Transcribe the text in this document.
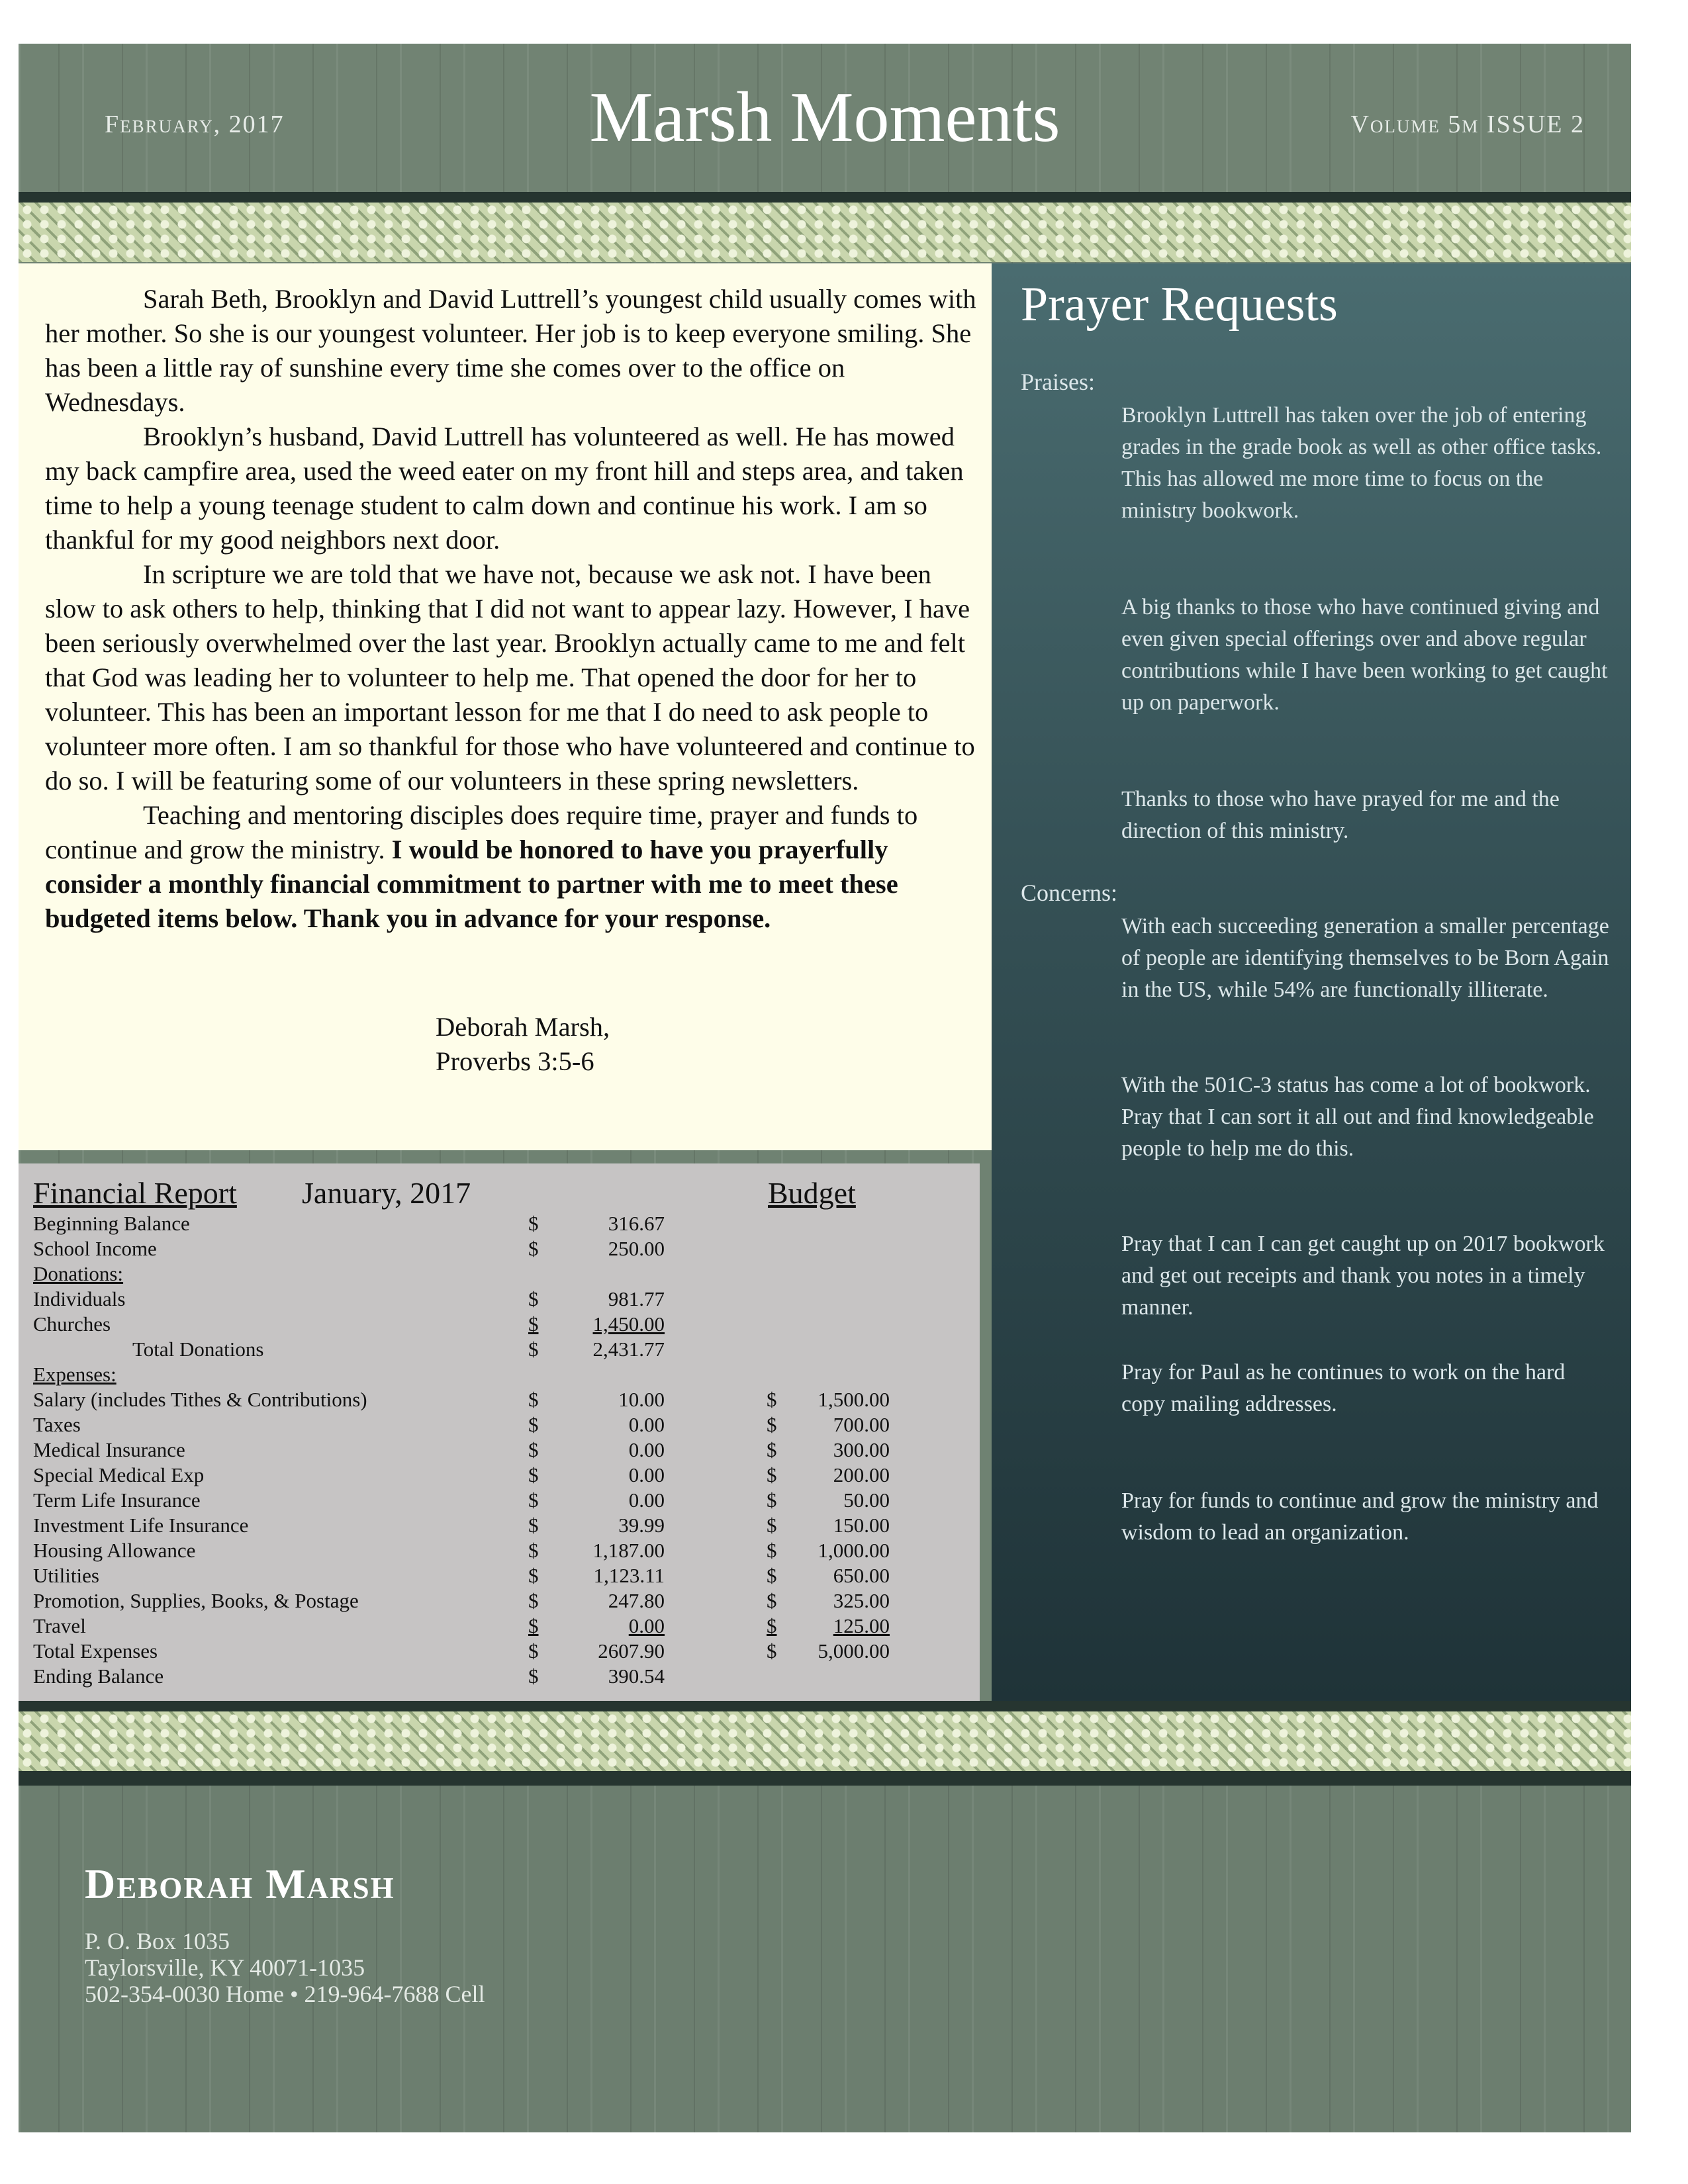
February, 2017	Marsh Moments	Volume 5m ISSUE 2

Sarah Beth, Brooklyn and David Luttrell’s youngest child usually comes with her mother. So she is our youngest volunteer. Her job is to keep everyone smiling. She has been a little ray of sunshine every time she comes over to the office on Wednesdays.

Brooklyn’s husband, David Luttrell has volunteered as well. He has mowed my back campfire area, used the weed eater on my front hill and steps area, and taken time to help a young teenage student to calm down and continue his work. I am so thankful for my good neighbors next door.

In scripture we are told that we have not, because we ask not. I have been slow to ask others to help, thinking that I did not want to appear lazy. However, I have been seriously overwhelmed over the last year. Brooklyn actually came to me and felt that God was leading her to volunteer to help me. That opened the door for her to volunteer. This has been an important lesson for me that I do need to ask people to volunteer more often. I am so thankful for those who have volunteered and continue to do so. I will be featuring some of our volunteers in these spring newsletters.

Teaching and mentoring disciples does require time, prayer and funds to continue and grow the ministry. I would be honored to have you prayerfully consider a monthly financial commitment to partner with me to meet these budgeted items below. Thank you in advance for your response.

Deborah Marsh,
Proverbs 3:5-6
Prayer Requests
Praises:
Brooklyn Luttrell has taken over the job of entering grades in the grade book as well as other office tasks. This has allowed me more time to focus on the ministry bookwork.
A big thanks to those who have continued giving and even given special offerings over and above regular contributions while I have been working to get caught up on paperwork.
Thanks to those who have prayed for me and the direction of this ministry.
Concerns:
With each succeeding generation a smaller percentage of people are identifying themselves to be Born Again in the US, while 54% are functionally illiterate.
With the 501C-3 status has come a lot of bookwork. Pray that I can sort it all out and find knowledgeable people to help me do this.
Pray that I can I can get caught up on 2017 bookwork and get out receipts and thank you notes in a timely manner.
Pray for Paul as he continues to work on the hard copy mailing addresses.
Pray for funds to continue and grow the ministry and wisdom to lead an organization.
Financial Report January, 2017	Budget
Beginning Balance	$	316.67
School Income	$	250.00
Donations:
Individuals	$	981.77
Churches	$	1,450.00
Total Donations	$	2,431.77
Expenses:
Salary (includes Tithes & Contributions)	$	10.00	$	1,500.00
Taxes	$	0.00	$	700.00
Medical Insurance	$	0.00	$	300.00
Special Medical Exp	$	0.00	$	200.00
Term Life Insurance	$	0.00	$	50.00
Investment Life Insurance	$	39.99	$	150.00
Housing Allowance	$	1,187.00	$	1,000.00
Utilities	$	1,123.11	$	650.00
Promotion, Supplies, Books, & Postage	$	247.80	$	325.00
Travel	$	0.00	$	125.00
Total Expenses	$	2607.90	$	5,000.00
Ending Balance	$	390.54
Deborah Marsh
P. O. Box 1035
Taylorsville, KY 40071-1035
502-354-0030 Home • 219-964-7688 Cell
